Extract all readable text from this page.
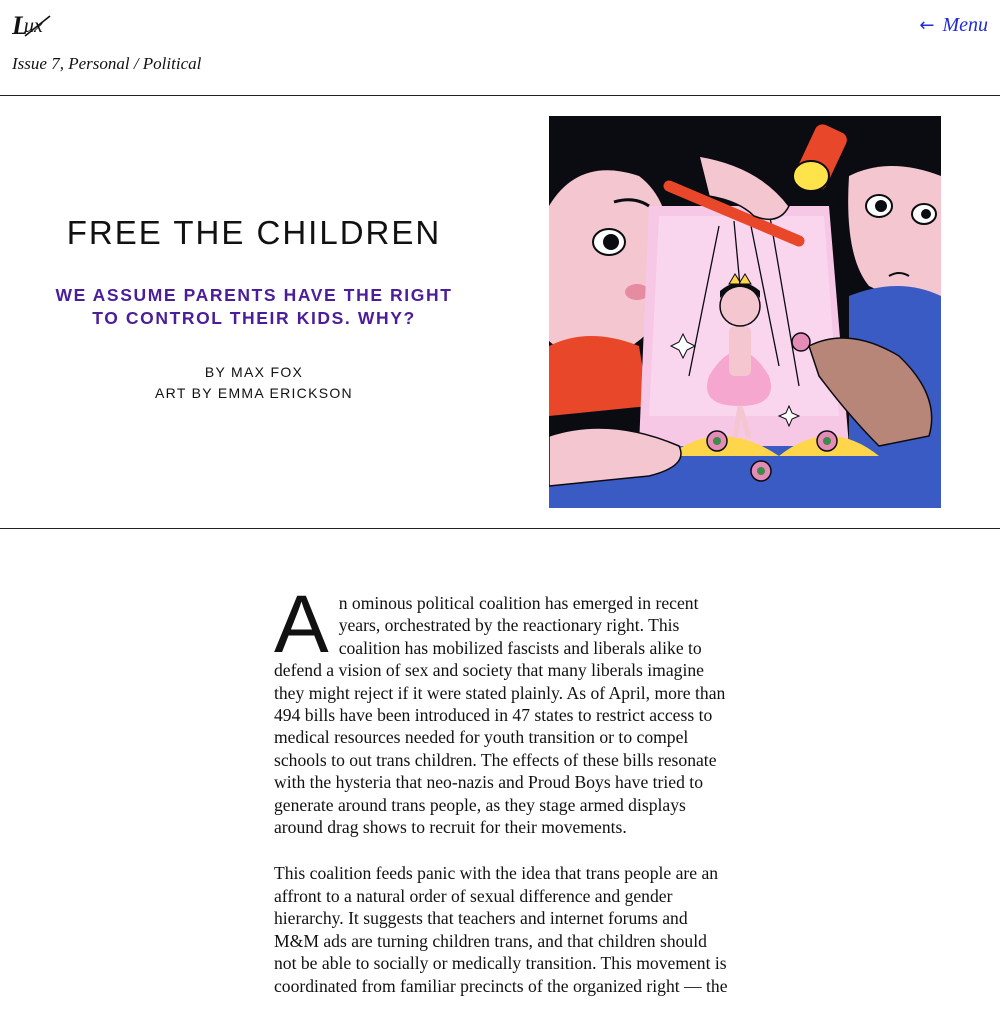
L
ux
Issue 7, Personal / Political
← Menu
FREE THE CHILDREN
WE ASSUME PARENTS HAVE THE RIGHT TO CONTROL THEIR KIDS. WHY?
BY MAX FOX
ART BY EMMA ERICKSON

An ominous political coalition has emerged in recent years, orchestrated by the reactionary right. This coalition has mobilized fascists and liberals alike to defend a vision of sex and society that many liberals imagine they might reject if it were stated plainly. As of April, more than 494 bills have been introduced in 47 states to restrict access to medical resources needed for youth transition or to compel schools to out trans children. The effects of these bills resonate with the hysteria that neo-nazis and Proud Boys have tried to generate around trans people, as they stage armed displays around drag shows to recruit for their movements.

This coalition feeds panic with the idea that trans people are an affront to a natural order of sexual difference and gender hierarchy. It suggests that teachers and internet forums and M&M ads are turning children trans, and that children should not be able to socially or medically transition. This movement is coordinated from familiar precincts of the organized right — the
